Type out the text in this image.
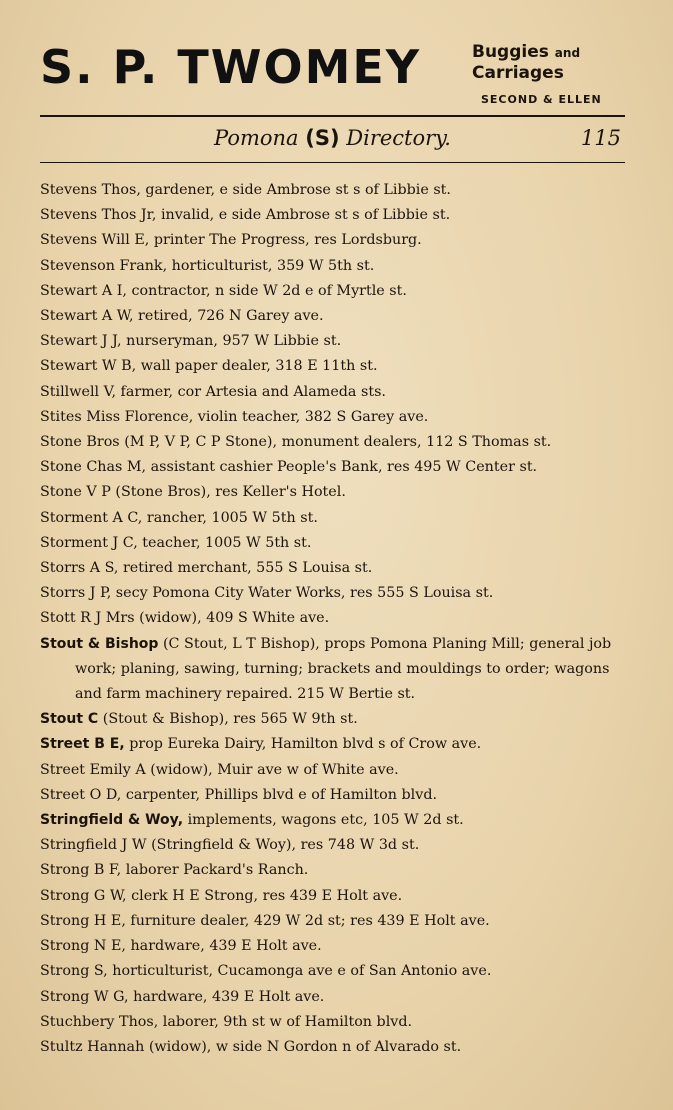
S. P. TWOMEY	Buggies and
Carriages
SECOND & ELLEN
Pomona (S) Directory.	115

Stevens Thos, gardener, e side Ambrose st s of Libbie st.

Stevens Thos Jr, invalid, e side Ambrose st s of Libbie st.

Stevens Will E, printer The Progress, res Lordsburg.

Stevenson Frank, horticulturist, 359 W 5th st.

Stewart A I, contractor, n side W 2d e of Myrtle st.

Stewart A W, retired, 726 N Garey ave.

Stewart J J, nurseryman, 957 W Libbie st.

Stewart W B, wall paper dealer, 318 E 11th st.

Stillwell V, farmer, cor Artesia and Alameda sts.

Stites Miss Florence, violin teacher, 382 S Garey ave.

Stone Bros (M P, V P, C P Stone), monument dealers, 112 S Thomas st.

Stone Chas M, assistant cashier People's Bank, res 495 W Center st.

Stone V P (Stone Bros), res Keller's Hotel.

Storment A C, rancher, 1005 W 5th st.

Storment J C, teacher, 1005 W 5th st.

Storrs A S, retired merchant, 555 S Louisa st.

Storrs J P, secy Pomona City Water Works, res 555 S Louisa st.

Stott R J Mrs (widow), 409 S White ave.

Stout & Bishop (C Stout, L T Bishop), props Pomona Planing Mill; general job work; planing, sawing, turning; brackets and mouldings to order; wagons and farm machinery repaired. 215 W Bertie st.

Stout C (Stout & Bishop), res 565 W 9th st.

Street B E, prop Eureka Dairy, Hamilton blvd s of Crow ave.

Street Emily A (widow), Muir ave w of White ave.

Street O D, carpenter, Phillips blvd e of Hamilton blvd.

Stringfield & Woy, implements, wagons etc, 105 W 2d st.

Stringfield J W (Stringfield & Woy), res 748 W 3d st.

Strong B F, laborer Packard's Ranch.

Strong G W, clerk H E Strong, res 439 E Holt ave.

Strong H E, furniture dealer, 429 W 2d st; res 439 E Holt ave.

Strong N E, hardware, 439 E Holt ave.

Strong S, horticulturist, Cucamonga ave e of San Antonio ave.

Strong W G, hardware, 439 E Holt ave.

Stuchbery Thos, laborer, 9th st w of Hamilton blvd.

Stultz Hannah (widow), w side N Gordon n of Alvarado st.
